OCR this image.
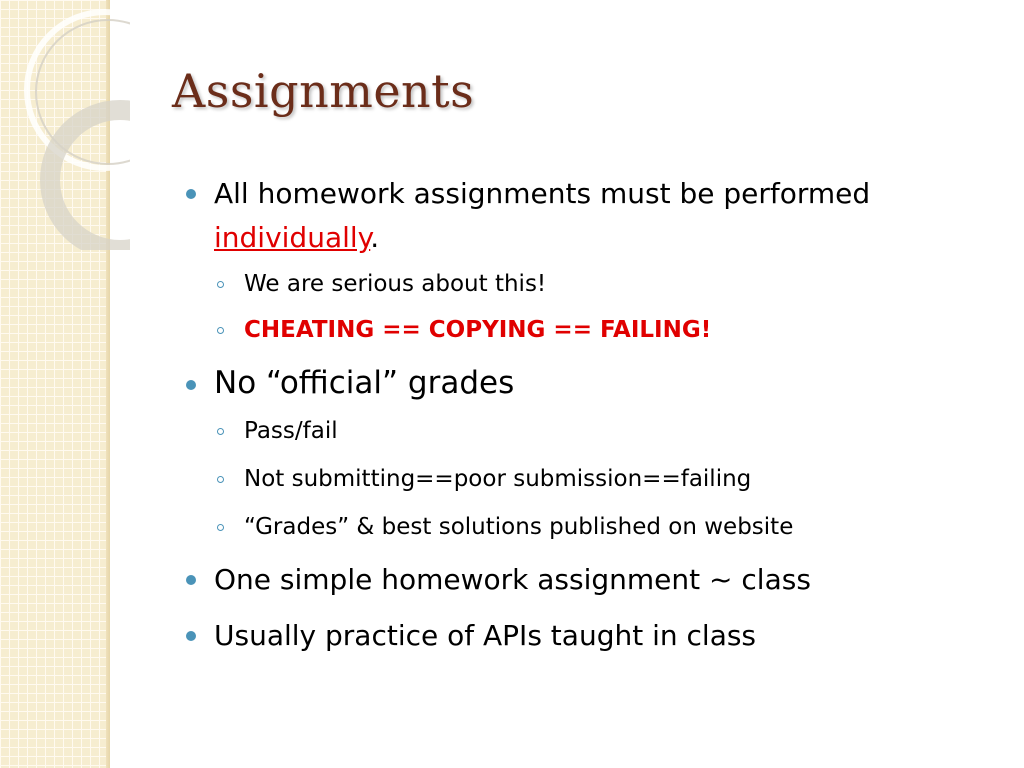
Assignments
All homework assignments must be performed
individually.
We are serious about this!
CHEATING == COPYING == FAILING!
No “official” grades
Pass/fail
Not submitting==poor submission==failing
“Grades” & best solutions published on website
One simple homework assignment ~ class
Usually practice of APIs taught in class
